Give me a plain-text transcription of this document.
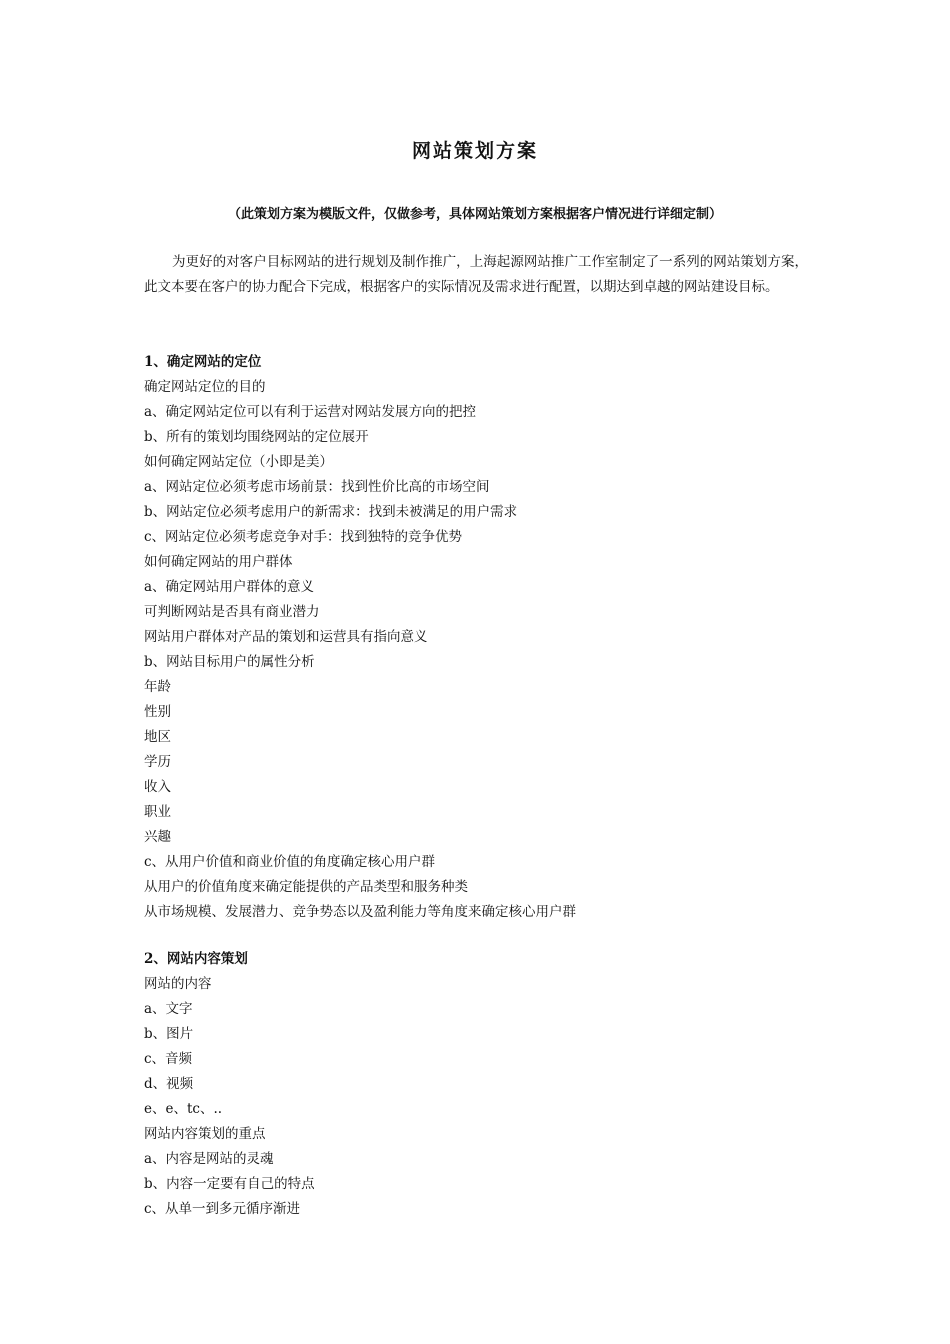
网站策划方案
（此策划方案为模版文件，仅做参考，具体网站策划方案根据客户情况进行详细定制）
为更好的对客户目标网站的进行规划及制作推广，上海起源网站推广工作室制定了一系列的网站策划方案，此文本要在客户的协力配合下完成，根据客户的实际情况及需求进行配置，以期达到卓越的网站建设目标。
1、确定网站的定位
确定网站定位的目的
a、确定网站定位可以有利于运营对网站发展方向的把控
b、所有的策划均围绕网站的定位展开
如何确定网站定位（小即是美）
a、网站定位必须考虑市场前景：找到性价比高的市场空间
b、网站定位必须考虑用户的新需求：找到未被满足的用户需求
c、网站定位必须考虑竞争对手：找到独特的竞争优势
如何确定网站的用户群体
a、确定网站用户群体的意义
可判断网站是否具有商业潜力
网站用户群体对产品的策划和运营具有指向意义
b、网站目标用户的属性分析
年龄
性别
地区
学历
收入
职业
兴趣
c、从用户价值和商业价值的角度确定核心用户群
从用户的价值角度来确定能提供的产品类型和服务种类
从市场规模、发展潜力、竞争势态以及盈利能力等角度来确定核心用户群
2、网站内容策划
网站的内容
a、文字
b、图片
c、音频
d、视频
e、e、tc、..
网站内容策划的重点
a、内容是网站的灵魂
b、内容一定要有自己的特点
c、从单一到多元循序渐进
